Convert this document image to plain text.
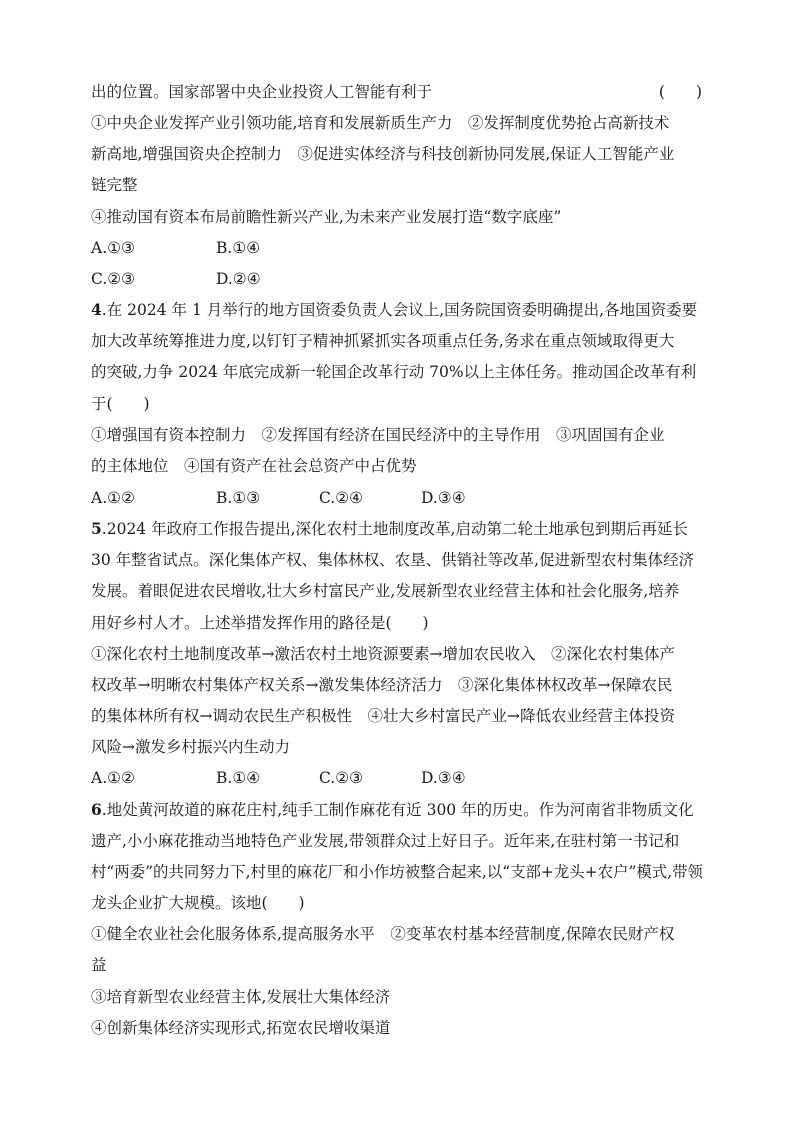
出的位置。国家部署中央企业投资人工智能有利于	(　　)
①中央企业发挥产业引领功能,培育和发展新质生产力　②发挥制度优势抢占高新技术
新高地,增强国资央企控制力　③促进实体经济与科技创新协同发展,保证人工智能产业
链完整
④推动国有资本布局前瞻性新兴产业,为未来产业发展打造“数字底座”
A.①③	B.①④
C.②③	D.②④
4.在 2024 年 1 月举行的地方国资委负责人会议上,国务院国资委明确提出,各地国资委要
加大改革统筹推进力度,以钉钉子精神抓紧抓实各项重点任务,务求在重点领域取得更大
的突破,力争 2024 年底完成新一轮国企改革行动 70%以上主体任务。推动国企改革有利
于(　　)
①增强国有资本控制力　②发挥国有经济在国民经济中的主导作用　③巩固国有企业
的主体地位　④国有资产在社会总资产中占优势
A.①②	B.①③	C.②④	D.③④
5.2024 年政府工作报告提出,深化农村土地制度改革,启动第二轮土地承包到期后再延长
30 年整省试点。深化集体产权、集体林权、农垦、供销社等改革,促进新型农村集体经济
发展。着眼促进农民增收,壮大乡村富民产业,发展新型农业经营主体和社会化服务,培养
用好乡村人才。上述举措发挥作用的路径是(　　)
①深化农村土地制度改革→激活农村土地资源要素→增加农民收入　②深化农村集体产
权改革→明晰农村集体产权关系→激发集体经济活力　③深化集体林权改革→保障农民
的集体林所有权→调动农民生产积极性　④壮大乡村富民产业→降低农业经营主体投资
风险→激发乡村振兴内生动力
A.①②	B.①④	C.②③	D.③④
6.地处黄河故道的麻花庄村,纯手工制作麻花有近 300 年的历史。作为河南省非物质文化
遗产,小小麻花推动当地特色产业发展,带领群众过上好日子。近年来,在驻村第一书记和
村“两委”的共同努力下,村里的麻花厂和小作坊被整合起来,以“支部+龙头+农户”模式,带领
龙头企业扩大规模。该地(　　)
①健全农业社会化服务体系,提高服务水平　②变革农村基本经营制度,保障农民财产权
益
③培育新型农业经营主体,发展壮大集体经济
④创新集体经济实现形式,拓宽农民增收渠道
